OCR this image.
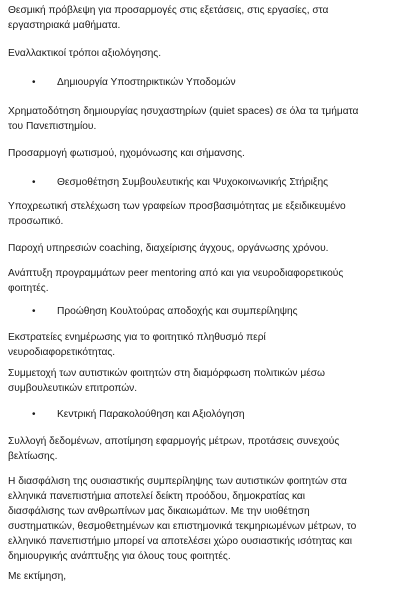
Θεσμική πρόβλεψη για προσαρμογές στις εξετάσεις, στις εργασίες, στα
εργαστηριακά μαθήματα.

Εναλλακτικοί τρόποι αξιολόγησης.

• Δημιουργία Υποστηρικτικών Υποδομών

Χρηματοδότηση δημιουργίας ησυχαστηρίων (quiet spaces) σε όλα τα τμήματα
του Πανεπιστημίου.

Προσαρμογή φωτισμού, ηχομόνωσης και σήμανσης.

• Θεσμοθέτηση Συμβουλευτικής και Ψυχοκοινωνικής Στήριξης

Υποχρεωτική στελέχωση των γραφείων προσβασιμότητας με εξειδικευμένο
προσωπικό.

Παροχή υπηρεσιών coaching, διαχείρισης άγχους, οργάνωσης χρόνου.

Ανάπτυξη προγραμμάτων peer mentoring από και για νευροδιαφορετικούς
φοιτητές.

• Προώθηση Κουλτούρας αποδοχής και συμπερίληψης

Εκστρατείες ενημέρωσης για το φοιτητικό πληθυσμό περί
νευροδιαφορετικότητας.

Συμμετοχή των αυτιστικών φοιτητών στη διαμόρφωση πολιτικών μέσω
συμβουλευτικών επιτροπών.

• Κεντρική Παρακολούθηση και Αξιολόγηση

Συλλογή δεδομένων, αποτίμηση εφαρμογής μέτρων, προτάσεις συνεχούς
βελτίωσης.

Η διασφάλιση της ουσιαστικής συμπερίληψης των αυτιστικών φοιτητών στα
ελληνικά πανεπιστήμια αποτελεί δείκτη προόδου, δημοκρατίας και
διασφάλισης των ανθρωπίνων μας δικαιωμάτων. Με την υιοθέτηση
συστηματικών, θεσμοθετημένων και επιστημονικά τεκμηριωμένων μέτρων, το
ελληνικό πανεπιστήμιο μπορεί να αποτελέσει χώρο ουσιαστικής ισότητας και
δημιουργικής ανάπτυξης για όλους τους φοιτητές.

Με εκτίμηση,
